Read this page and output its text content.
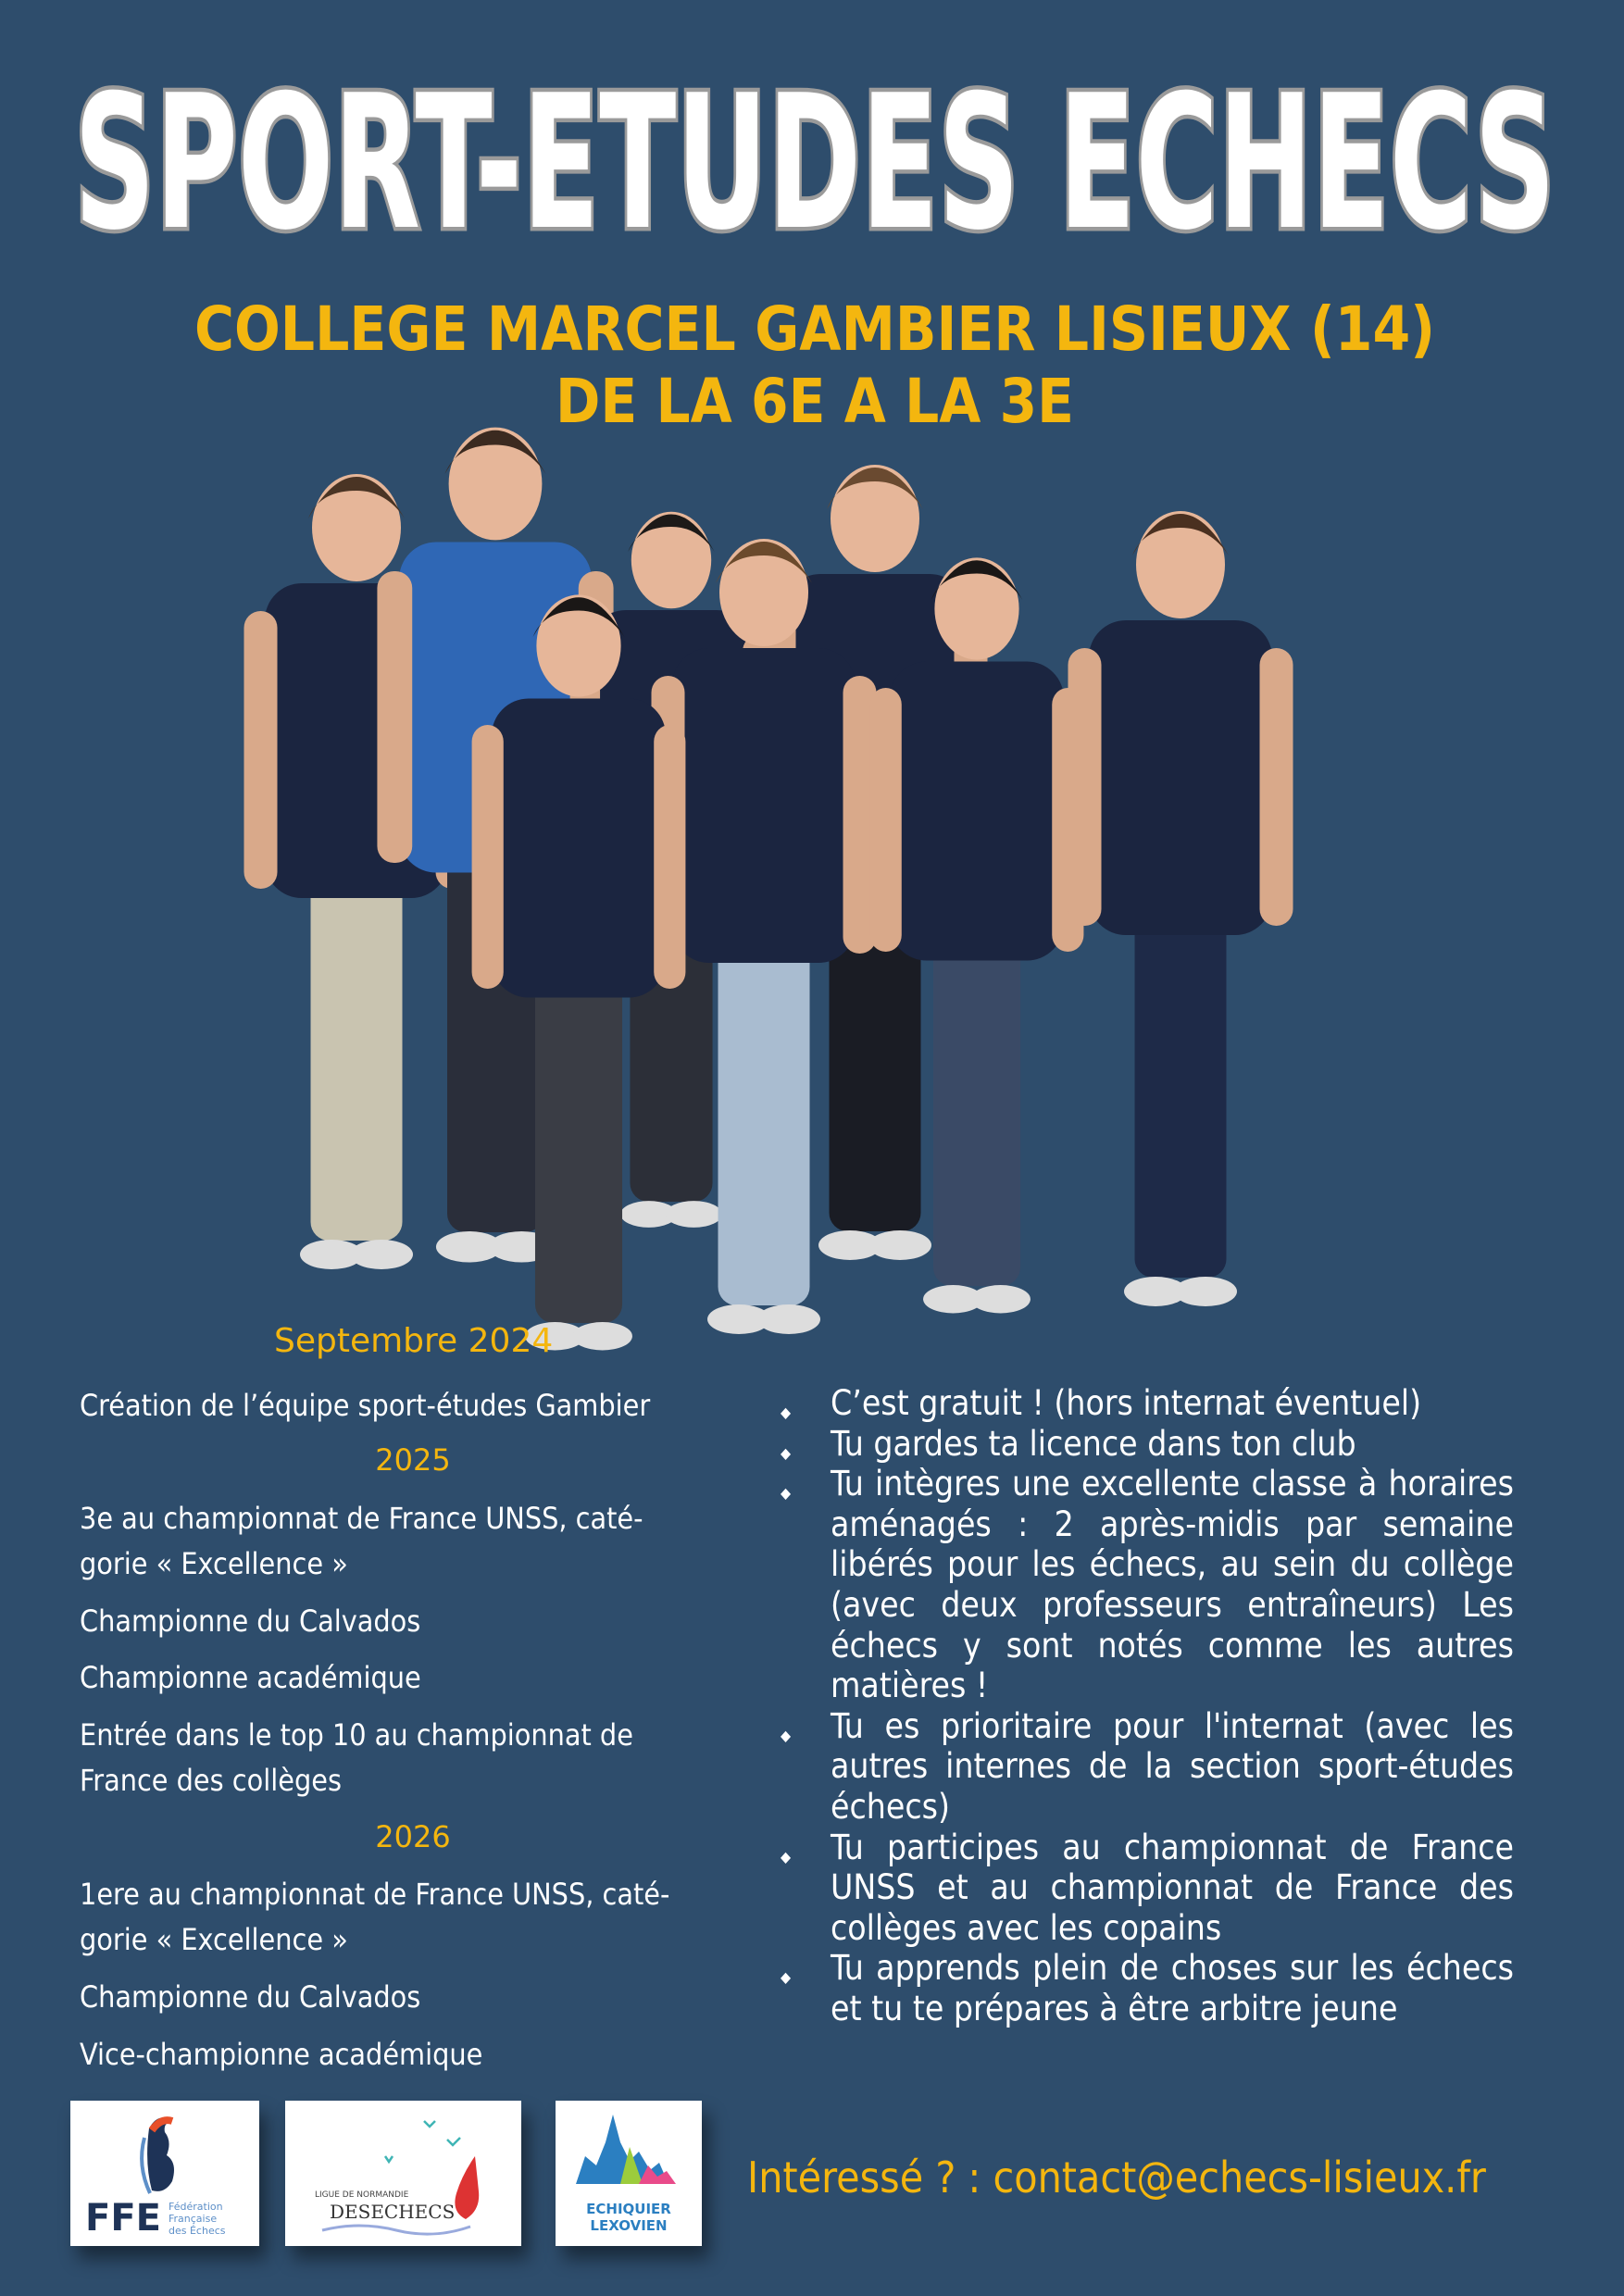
SPORT-ETUDES ECHECS
COLLEGE MARCEL GAMBIER LISIEUX (14)
DE LA 6E A LA 3E
Septembre 2024
Création de l’équipe sport-études Gambier
2025
3e au championnat de France UNSS, caté-
gorie « Excellence »
Championne du Calvados
Championne académique
Entrée dans le top 10 au championnat de
France des collèges
2026
1ere au championnat de France UNSS, caté-
gorie « Excellence »
Championne du Calvados
Vice-championne académique
◆ C’est gratuit ! (hors internat éventuel)
◆ Tu gardes ta licence dans ton club
◆ Tu intègres une excellente classe à horaires aménagés : 2 après-midis par semaine libérés pour les échecs, au sein du collège (avec deux professeurs entraîneurs) Les échecs y sont notés comme les autres matières !
◆ Tu es prioritaire pour l'internat (avec les autres internes de la section sport-études échecs)
◆ Tu participes au championnat de France UNSS et au championnat de France des collèges avec les copains
◆ Tu apprends plein de choses sur les échecs et tu te prépares à être arbitre jeune
FFE Fédération
Française
des Échecs
LIGUE DE NORMANDIE
DESECHECS	ECHIQUIER
LEXOVIEN
Intéressé ? : contact@echecs-lisieux.fr
